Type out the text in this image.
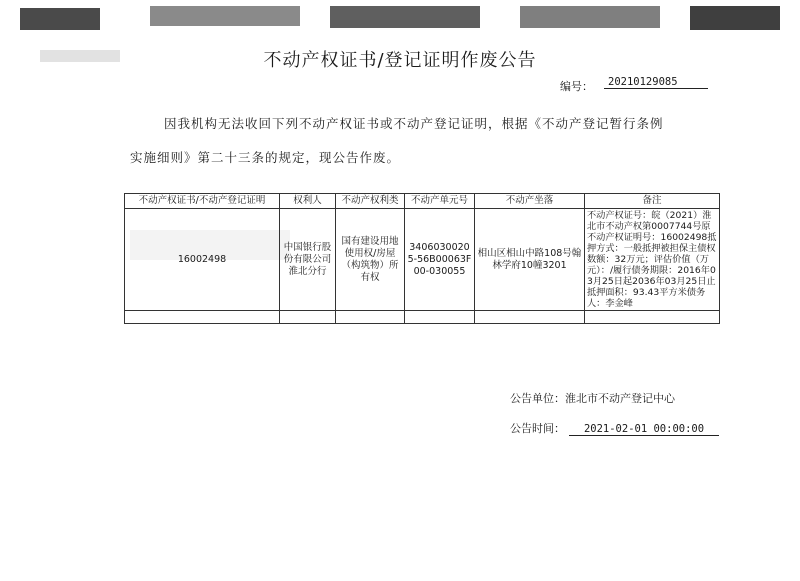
不动产权证书/登记证明作废公告
编号：	20210129085
因我机构无法收回下列不动产权证书或不动产登记证明，根据《不动产登记暂行条例
实施细则》第二十三条的规定，现公告作废。
不动产权证书/不动产登记证明	权利人	不动产权利类	不动产单元号	不动产坐落	备注
16002498	中国银行股份有限公司淮北分行	国有建设用地使用权/房屋（构筑物）所有权	34060300205-56B00063F00-030055	相山区相山中路108号翰林学府10幢3201	不动产权证号：皖（2021）淮北市不动产权第0007744号原不动产权证明号：16002498抵押方式：一般抵押被担保主债权数额：32万元；评估价值（万元）：/履行债务期限：2016年03月25日起2036年03月25日止抵押面积：93.43平方米债务人：李金峰

公告单位：淮北市不动产登记中心
公告时间： 2021-02-01 00:00:00
